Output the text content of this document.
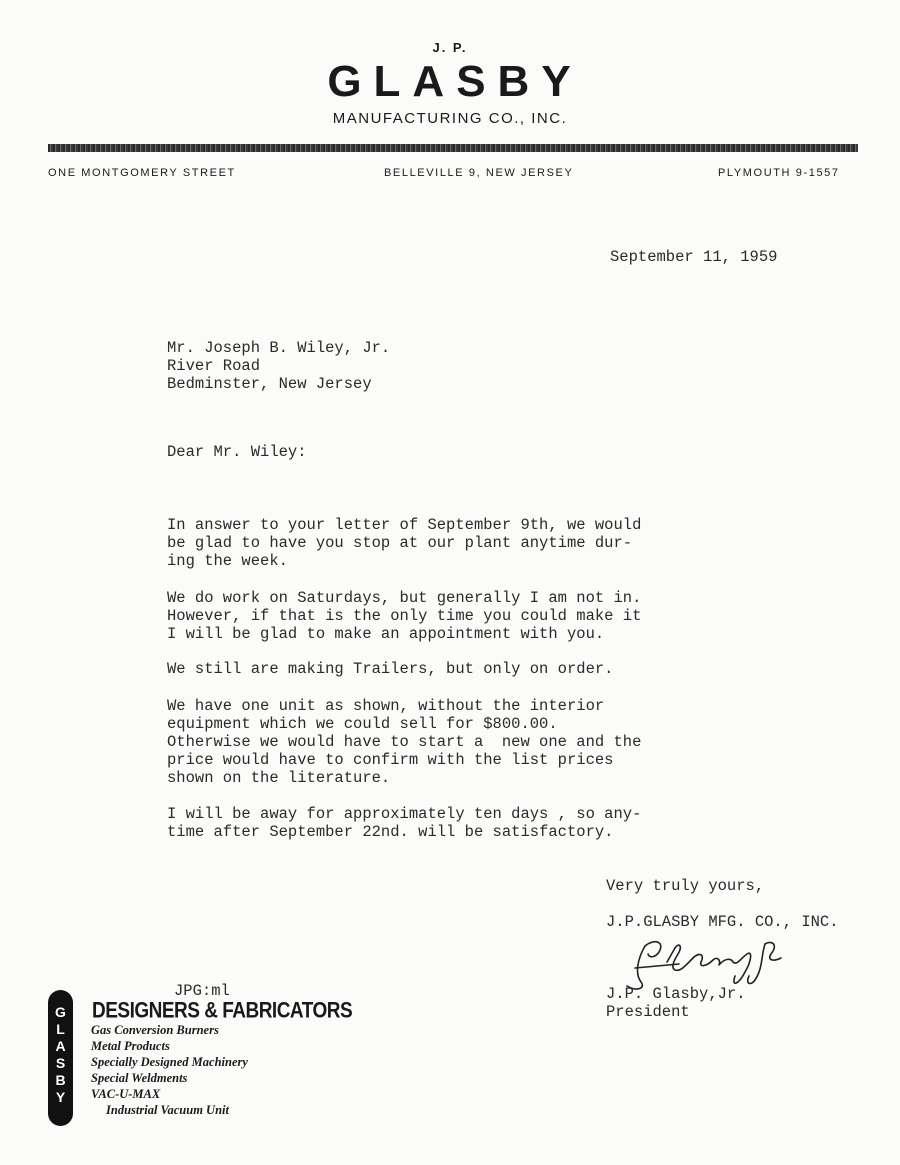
J. P.
GLASBY
MANUFACTURING CO., INC.
ONE MONTGOMERY STREET	BELLEVILLE 9, NEW JERSEY	PLYMOUTH 9-1557
September 11, 1959
Mr. Joseph B. Wiley, Jr.
River Road
Bedminster, New Jersey
Dear Mr. Wiley:
In answer to your letter of September 9th, we would
be glad to have you stop at our plant anytime dur-
ing the week.
We do work on Saturdays, but generally I am not in.
However, if that is the only time you could make it
I will be glad to make an appointment with you.
We still are making Trailers, but only on order.
We have one unit as shown, without the interior
equipment which we could sell for $800.00.
Otherwise we would have to start a  new one and the
price would have to confirm with the list prices
shown on the literature.
I will be away for approximately ten days , so any-
time after September 22nd. will be satisfactory.
Very truly yours,
J.P.GLASBY MFG. CO., INC.
J.P. Glasby,Jr.
President
JPG:ml
G
L
A
S
B
Y
DESIGNERS & FABRICATORS
Gas Conversion Burners
Metal Products
Specially Designed Machinery
Special Weldments
VAC-U-MAX
Industrial Vacuum Unit
